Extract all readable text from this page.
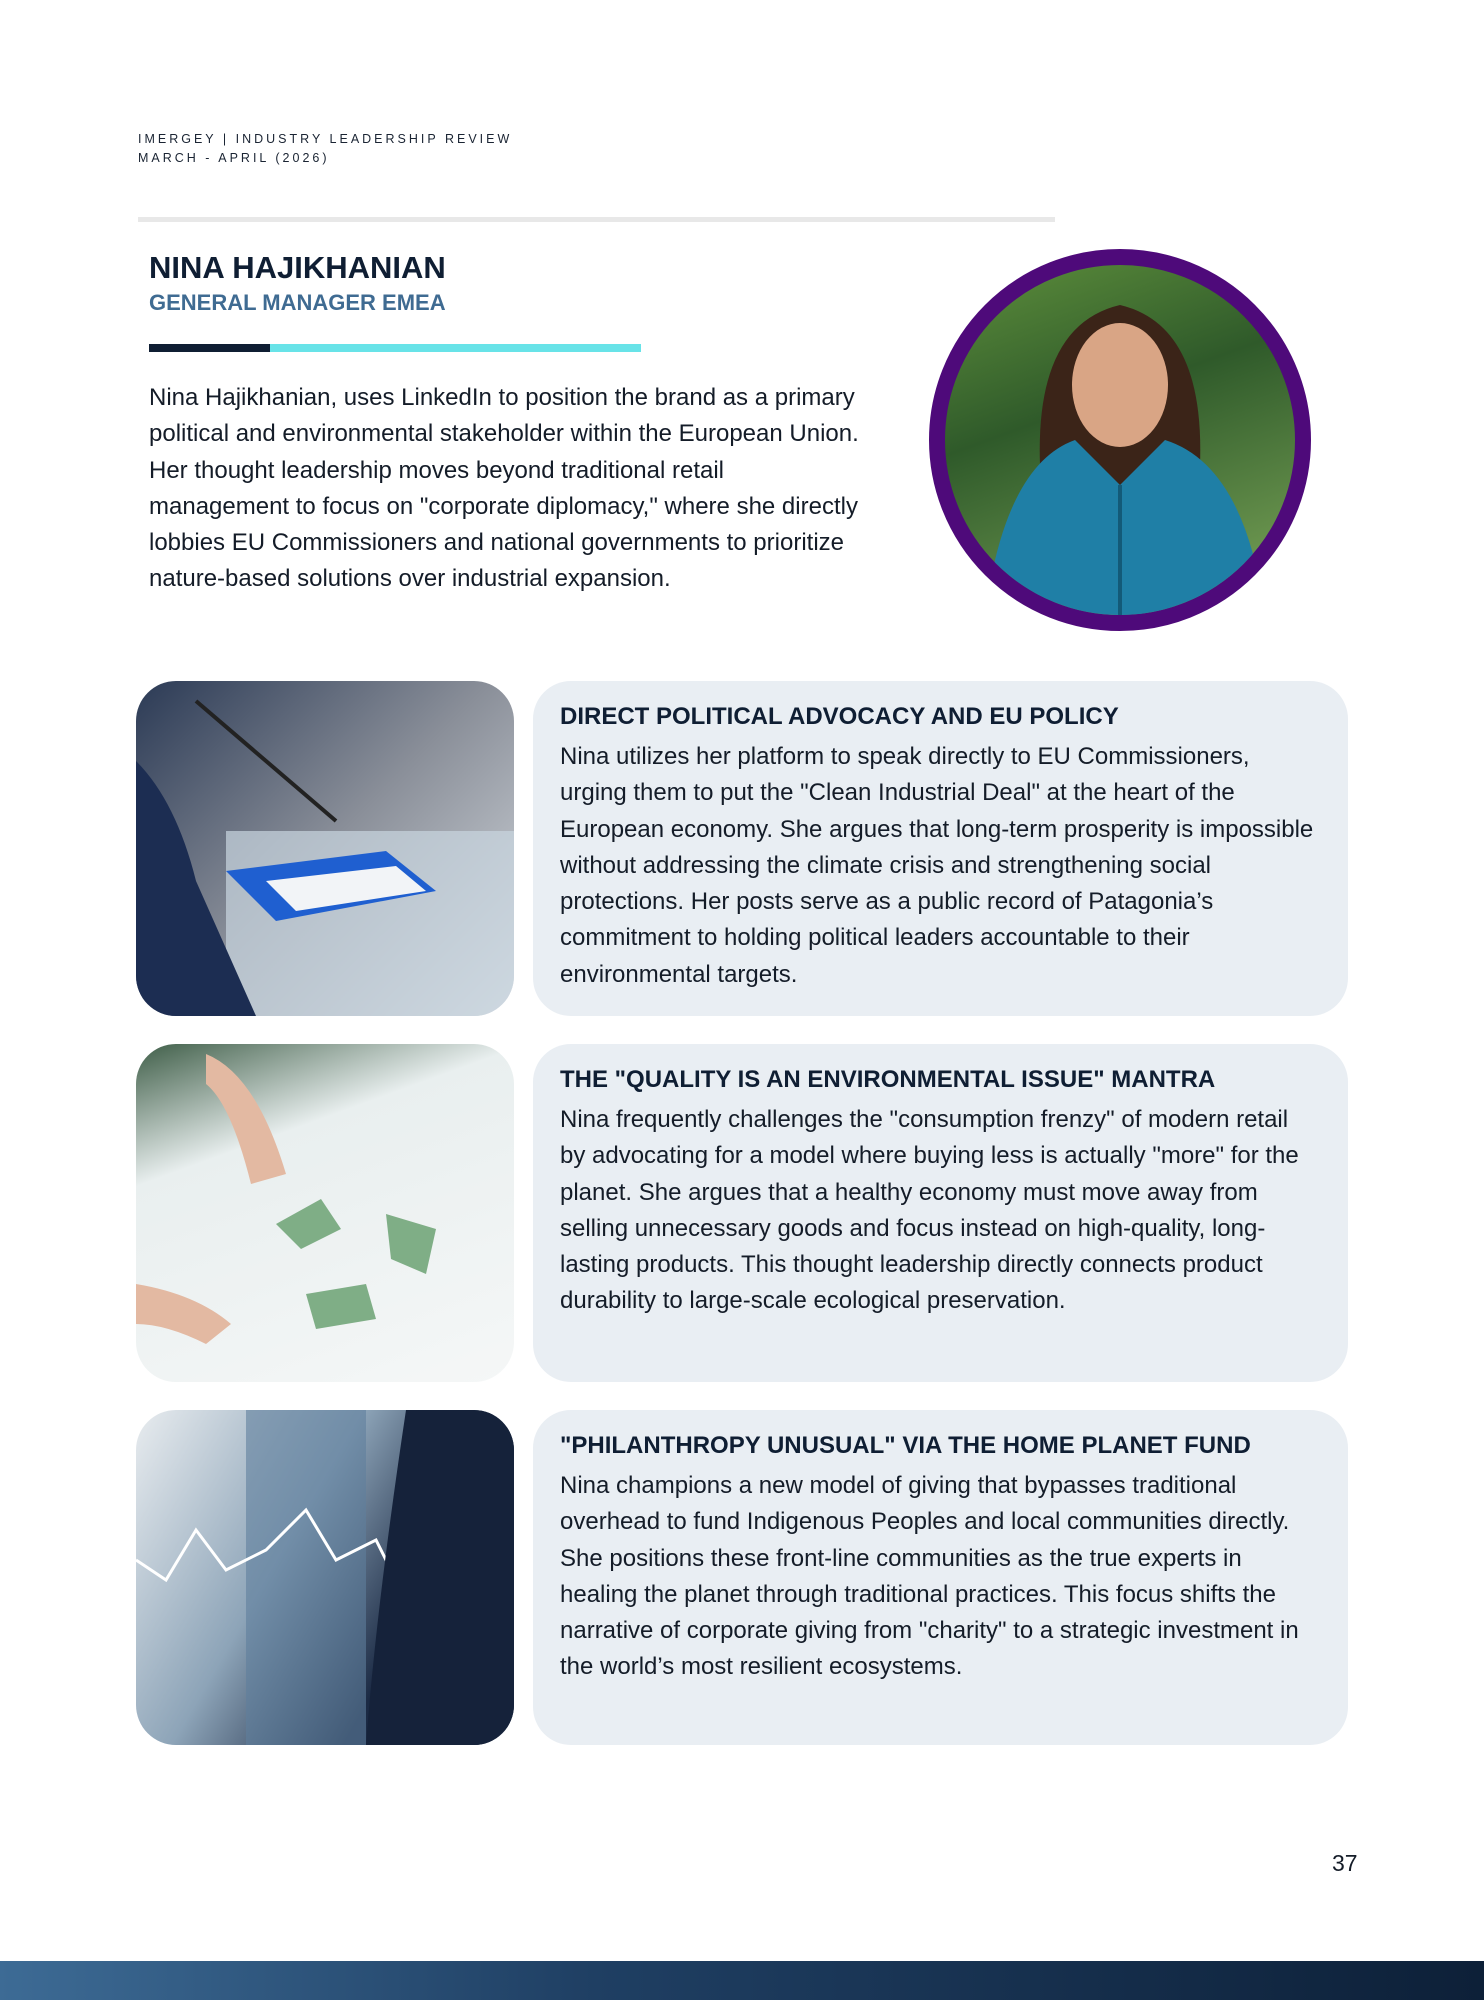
IMERGEY | INDUSTRY LEADERSHIP REVIEW
MARCH - APRIL (2026)
NINA HAJIKHANIAN
GENERAL MANAGER EMEA
Nina Hajikhanian, uses LinkedIn to position the brand as a primary political and environmental stakeholder within the European Union. Her thought leadership moves beyond traditional retail management to focus on "corporate diplomacy," where she directly lobbies EU Commissioners and national governments to prioritize nature-based solutions over industrial expansion.
DIRECT POLITICAL ADVOCACY AND EU POLICY

Nina utilizes her platform to speak directly to EU Commissioners, urging them to put the "Clean Industrial Deal" at the heart of the European economy. She argues that long-term prosperity is impossible without addressing the climate crisis and strengthening social protections. Her posts serve as a public record of Patagonia’s commitment to holding political leaders accountable to their environmental targets.

THE "QUALITY IS AN ENVIRONMENTAL ISSUE" MANTRA

Nina frequently challenges the "consumption frenzy" of modern retail by advocating for a model where buying less is actually "more" for the planet. She argues that a healthy economy must move away from selling unnecessary goods and focus instead on high-quality, long-lasting products. This thought leadership directly connects product durability to large-scale ecological preservation.

"PHILANTHROPY UNUSUAL" VIA THE HOME PLANET FUND

Nina champions a new model of giving that bypasses traditional overhead to fund Indigenous Peoples and local communities directly. She positions these front-line communities as the true experts in healing the planet through traditional practices. This focus shifts the narrative of corporate giving from "charity" to a strategic investment in the world’s most resilient ecosystems.

37
